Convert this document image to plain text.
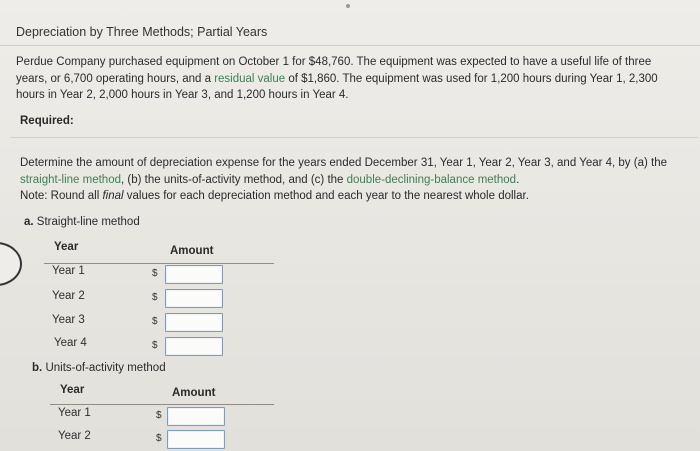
Depreciation by Three Methods; Partial Years
Perdue Company purchased equipment on October 1 for $48,760. The equipment was expected to have a useful life of three years, or 6,700 operating hours, and a residual value of $1,860. The equipment was used for 1,200 hours during Year 1, 2,300 hours in Year 2, 2,000 hours in Year 3, and 1,200 hours in Year 4.
Required:
Determine the amount of depreciation expense for the years ended December 31, Year 1, Year 2, Year 3, and Year 4, by (a) the straight-line method, (b) the units-of-activity method, and (c) the double-declining-balance method.
Note: Round all final values for each depreciation method and each year to the nearest whole dollar.
a. Straight-line method
Year	Amount
Year 1	$
Year 2	$
Year 3	$
Year 4	$
b. Units-of-activity method
Year	Amount
Year 1	$
Year 2	$
